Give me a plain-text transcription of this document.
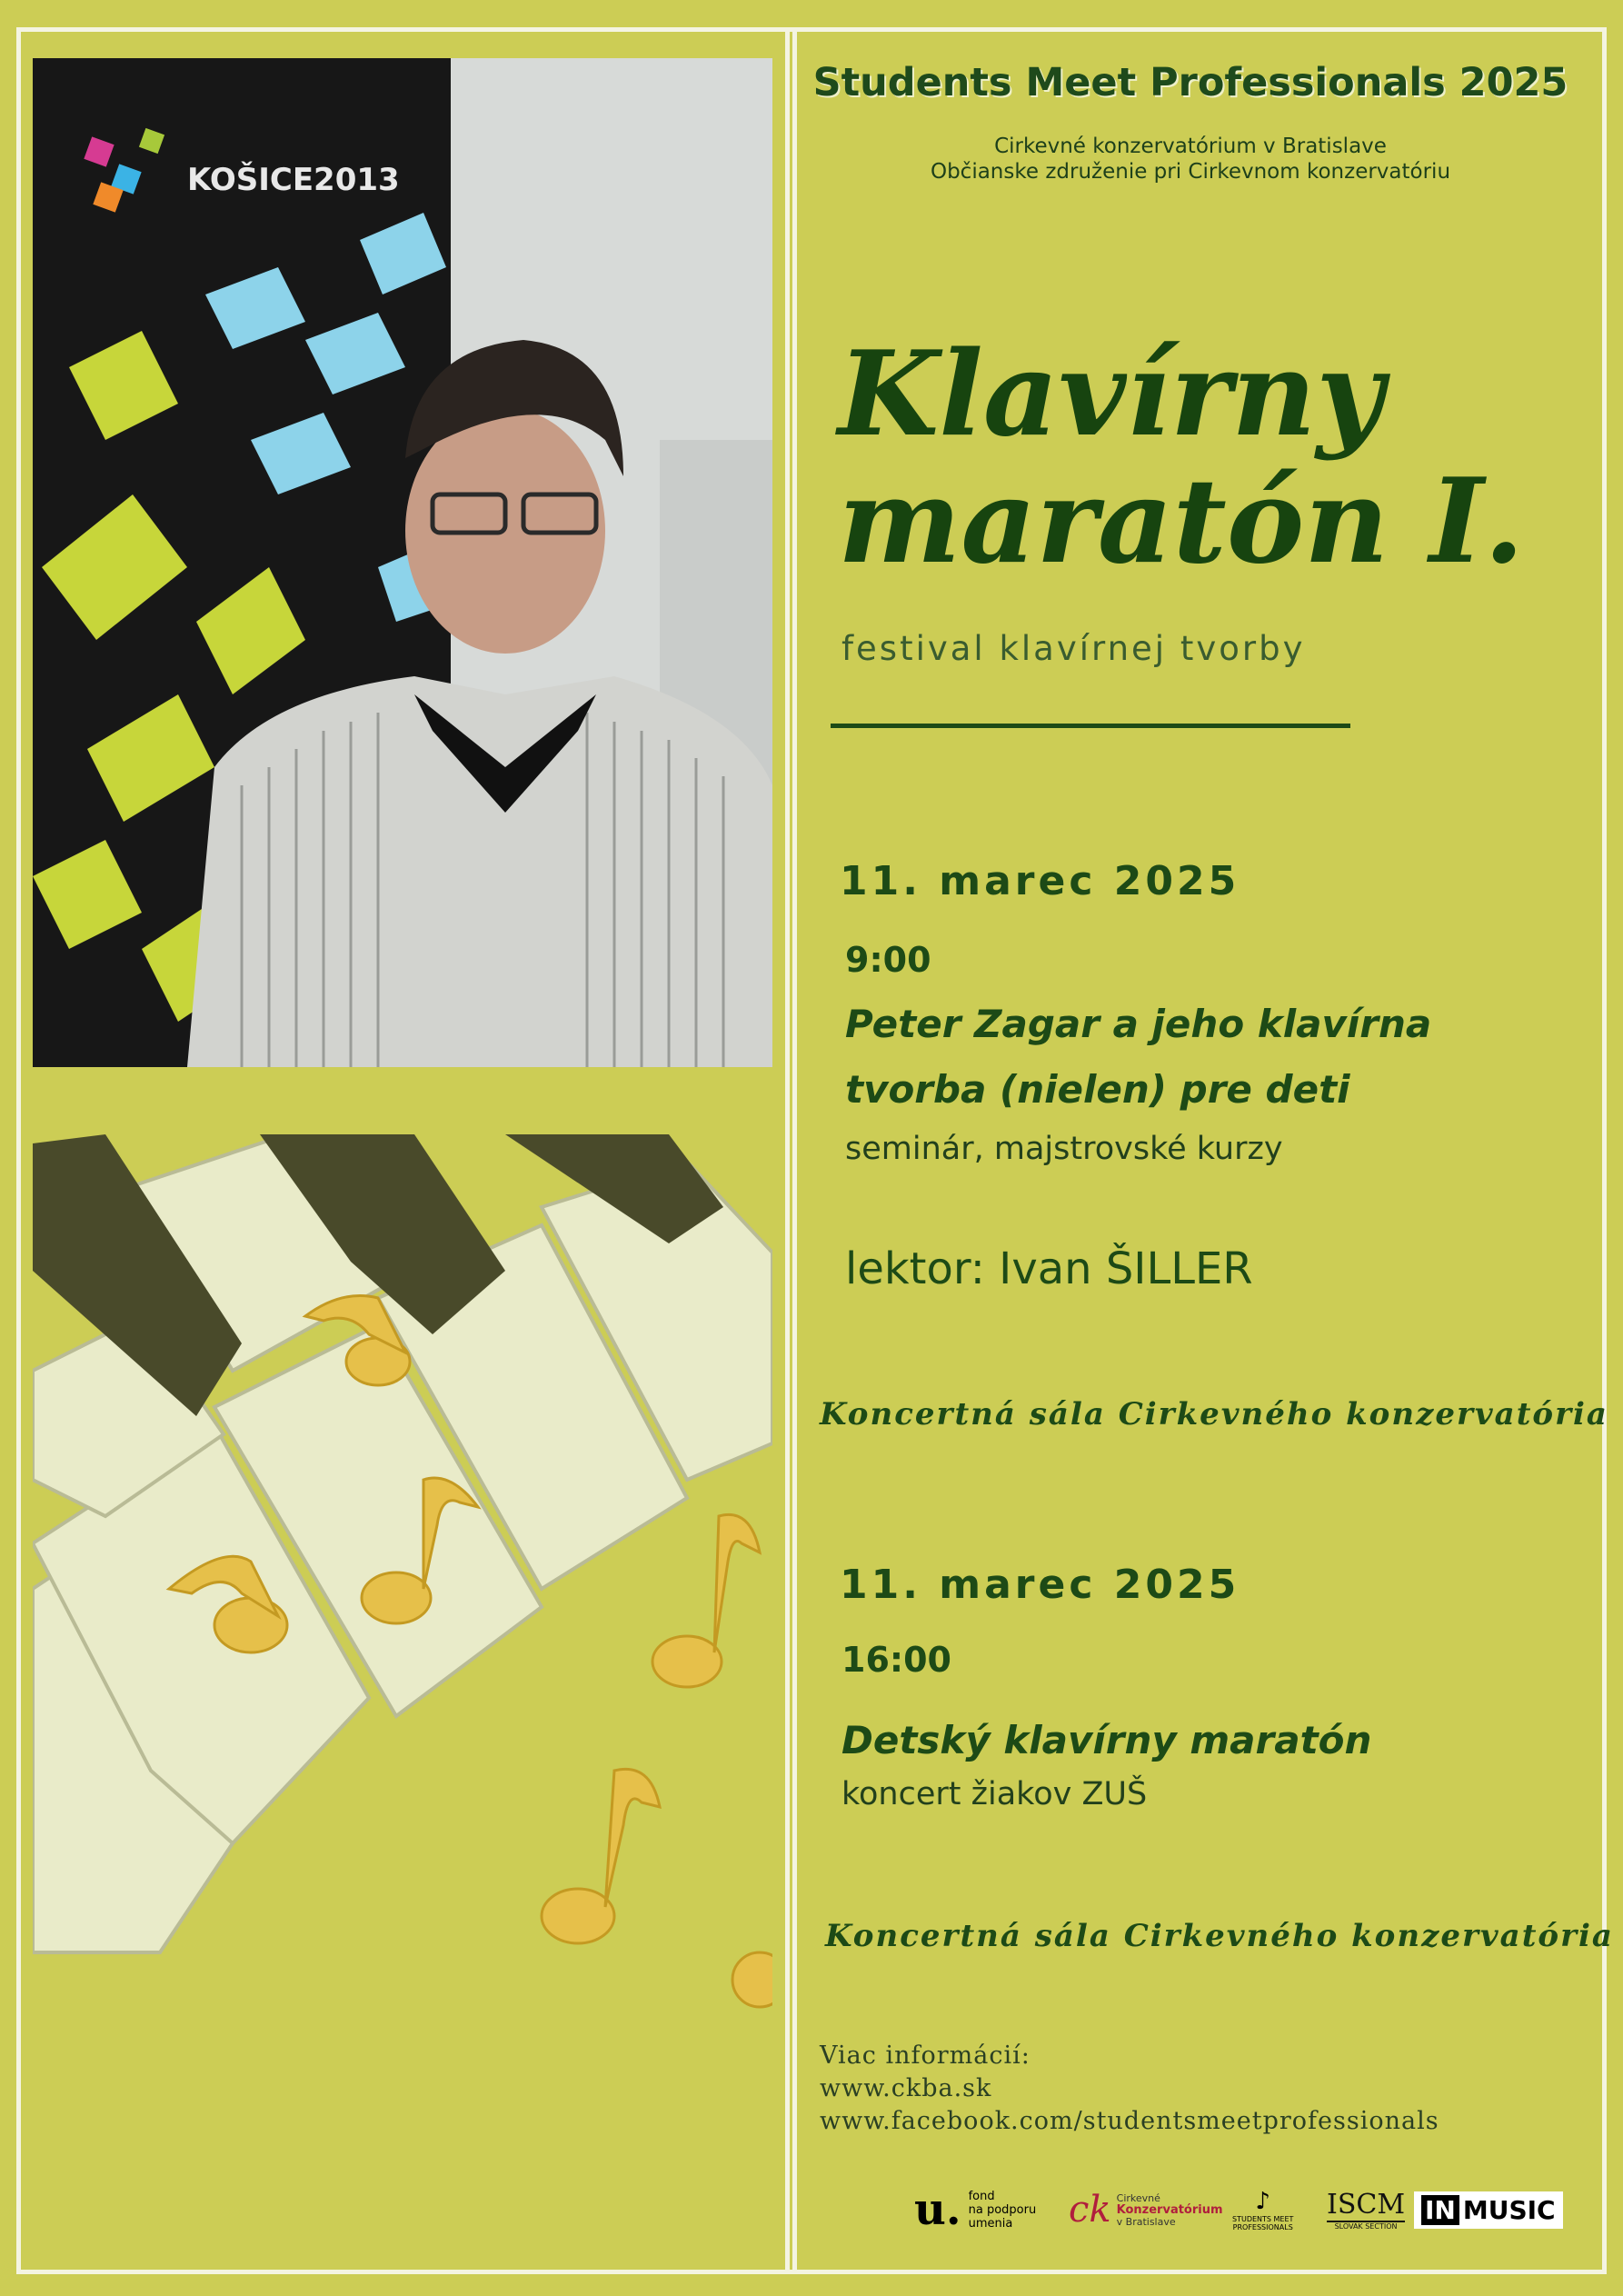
KOŠICE2013
Students Meet Professionals 2025
Cirkevné konzervatórium v Bratislave
Občianske združenie pri Cirkevnom konzervatóriu
Klavírny
maratón I.
festival klavírnej tvorby
11. marec 2025
9:00
Peter Zagar a jeho klavírna
tvorba (nielen) pre deti
seminár, majstrovské kurzy
lektor: Ivan ŠILLER
Koncertná sála Cirkevného konzervatória
11. marec 2025
16:00
Detský klavírny maratón
koncert žiakov ZUŠ
Koncertná sála Cirkevného konzervatória
Viac informácií:
www.ckba.sk
www.facebook.com/studentsmeetprofessionals
u. fond
na podporu
umenia	ck Cirkevné
Konzervatórium
v Bratislave
♪
STUDENTS MEET
PROFESSIONALS
ISCM
SLOVAK SECTION
IN MUSIC
